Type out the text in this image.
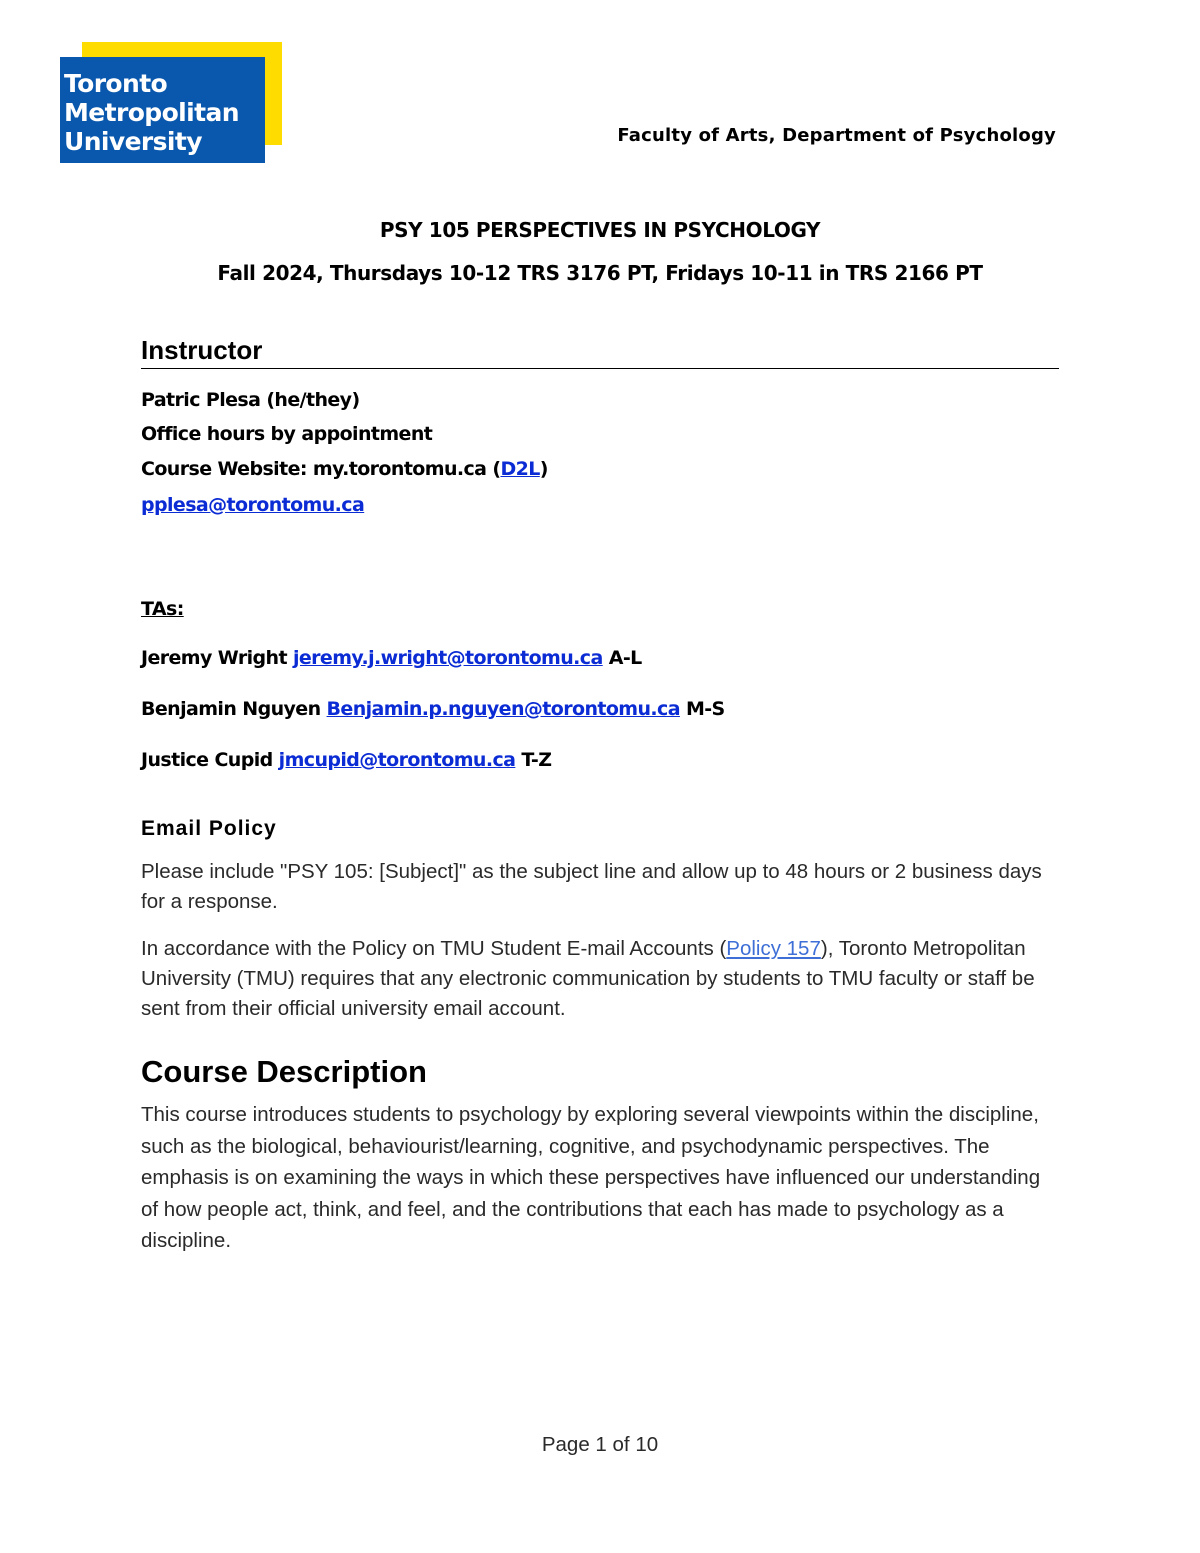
Toronto
Metropolitan
University	Faculty of Arts, Department of Psychology
PSY 105 PERSPECTIVES IN PSYCHOLOGY
Fall 2024, Thursdays 10-12 TRS 3176 PT, Fridays 10-11 in TRS 2166 PT
Instructor
Patric Plesa (he/they)
Office hours by appointment
Course Website: my.torontomu.ca (D2L)
pplesa@torontomu.ca
TAs:
Jeremy Wright jeremy.j.wright@torontomu.ca A-L
Benjamin Nguyen Benjamin.p.nguyen@torontomu.ca M-S
Justice Cupid jmcupid@torontomu.ca T-Z
Email Policy
Please include "PSY 105: [Subject]" as the subject line and allow up to 48 hours or 2 business days for a response.
In accordance with the Policy on TMU Student E-mail Accounts (Policy 157), Toronto Metropolitan University (TMU) requires that any electronic communication by students to TMU faculty or staff be sent from their official university email account.
Course Description
This course introduces students to psychology by exploring several viewpoints within the discipline, such as the biological, behaviourist/learning, cognitive, and psychodynamic perspectives. The emphasis is on examining the ways in which these perspectives have influenced our understanding of how people act, think, and feel, and the contributions that each has made to psychology as a discipline.
Page 1 of 10
